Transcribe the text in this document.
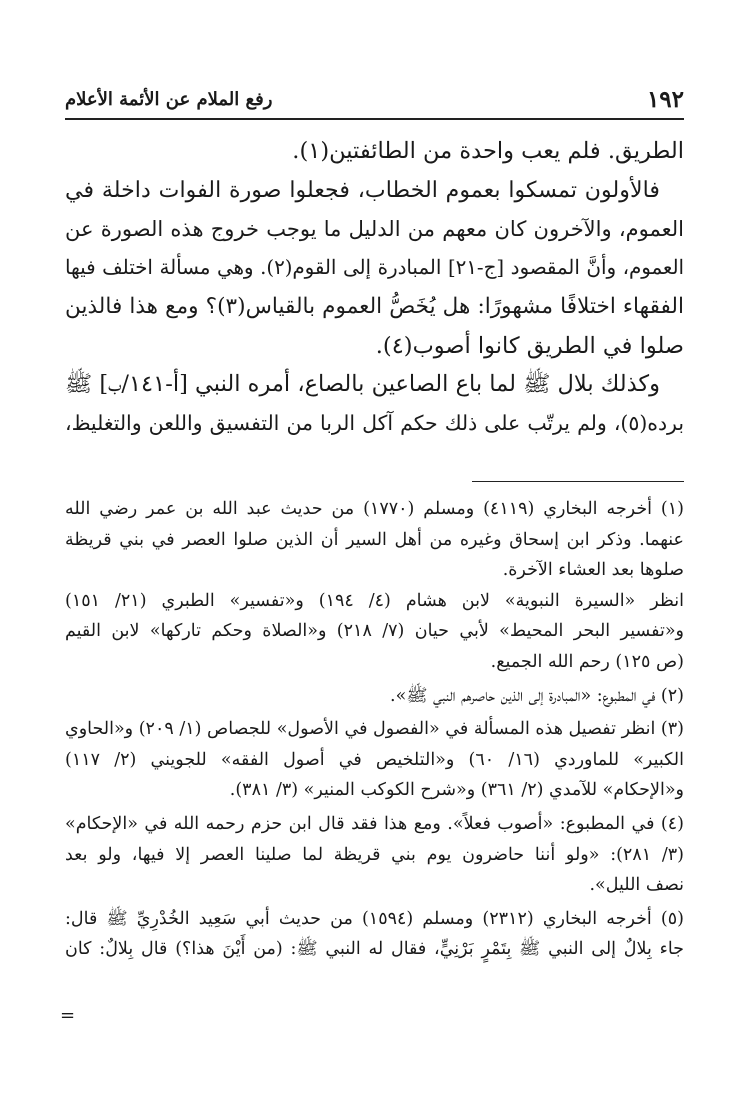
١٩٢
رفع الملام عن الأئمة الأعلام
الطريق. فلم يعب واحدة من الطائفتين(١).
فالأولون تمسكوا بعموم الخطاب، فجعلوا صورة الفوات داخلة في
العموم، والآخرون كان معهم من الدليل ما يوجب خروج هذه الصورة عن
العموم، وأنَّ المقصود [ج-٢١] المبادرة إلى القوم(٢). وهي مسألة اختلف فيها
الفقهاء اختلافًا مشهورًا: هل يُخَصُّ العموم بالقياس(٣)؟ ومع هذا فالذين
صلوا في الطريق كانوا أصوب(٤).
وكذلك بلال ﷺ لما باع الصاعين بالصاع، أمره النبي [أ-١٤١/ب] ﷺ
برده(٥)، ولم يرتّب على ذلك حكم آكل الربا من التفسيق واللعن والتغليظ،
(١) أخرجه البخاري (٤١١٩) ومسلم (١٧٧٠) من حديث عبد الله بن عمر رضي الله
عنهما. وذكر ابن إسحاق وغيره من أهل السير أن الذين صلوا العصر في بني قريظة
صلوها بعد العشاء الآخرة.
انظر «السيرة النبوية» لابن هشام (٤/ ١٩٤) و«تفسير» الطبري (٢١/ ١٥١)
و«تفسير البحر المحيط» لأبي حيان (٧/ ٢١٨) و«الصلاة وحكم تاركها» لابن القيم
(ص ١٢٥) رحم الله الجميع.
(٢) في المطبوع: «المبادرة إلى الذين حاصرهم النبي ﷺ».
(٣) انظر تفصيل هذه المسألة في «الفصول في الأصول» للجصاص (١/ ٢٠٩) و«الحاوي
الكبير» للماوردي (١٦/ ٦٠) و«التلخيص في أصول الفقه» للجويني (٢/ ١١٧)
و«الإحكام» للآمدي (٢/ ٣٦١) و«شرح الكوكب المنير» (٣/ ٣٨١).
(٤) في المطبوع: «أصوب فعلاً». ومع هذا فقد قال ابن حزم رحمه الله في «الإحكام»
(٣/ ٢٨١): «ولو أننا حاضرون يوم بني قريظة لما صلينا العصر إلا فيها، ولو بعد
نصف الليل».
(٥) أخرجه البخاري (٢٣١٢) ومسلم (١٥٩٤) من حديث أبي سَعِيد الخُدْرِيِّ ﷺ قال:
جاء بِلالٌ إلى النبي ﷺ بِتَمْرٍ بَرْنِيٍّ، فقال له النبي ﷺ: (من أَيْنَ هذا؟) قال بِلالٌ: كان
=
